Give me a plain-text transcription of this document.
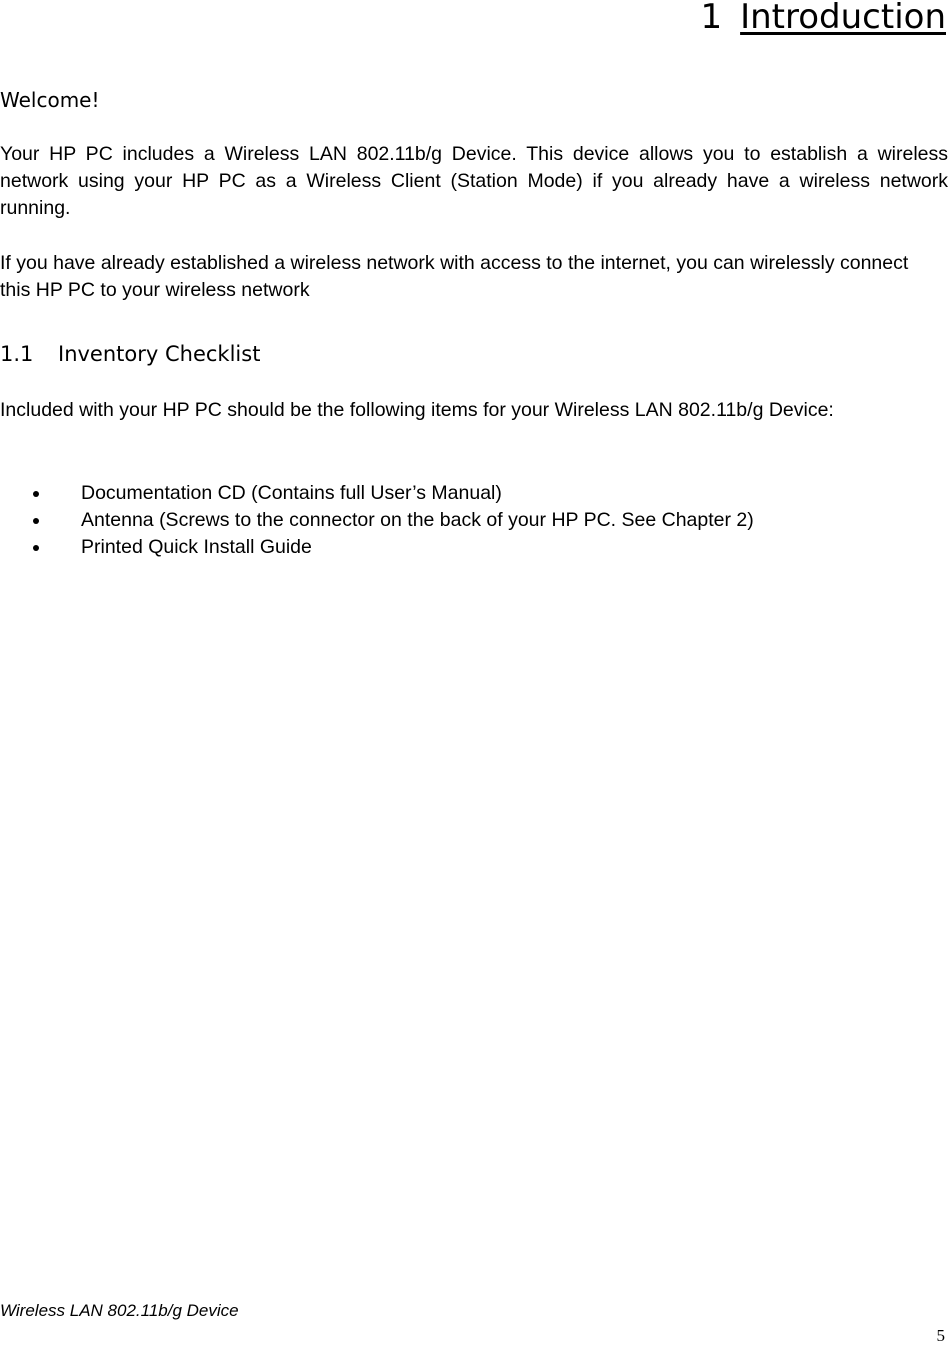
1 Introduction

Welcome!

Your HP PC includes a Wireless LAN 802.11b/g Device. This device allows you to establish a wireless network using your HP PC as a Wireless Client (Station Mode) if you already have a wireless network running.

If you have already established a wireless network with access to the internet, you can wirelessly connect this HP PC to your wireless network

1.1 Inventory Checklist

Included with your HP PC should be the following items for your Wireless LAN 802.11b/g Device:

Documentation CD (Contains full User’s Manual)
Antenna (Screws to the connector on the back of your HP PC. See Chapter 2)
Printed Quick Install Guide

Wireless LAN 802.11b/g Device

5
